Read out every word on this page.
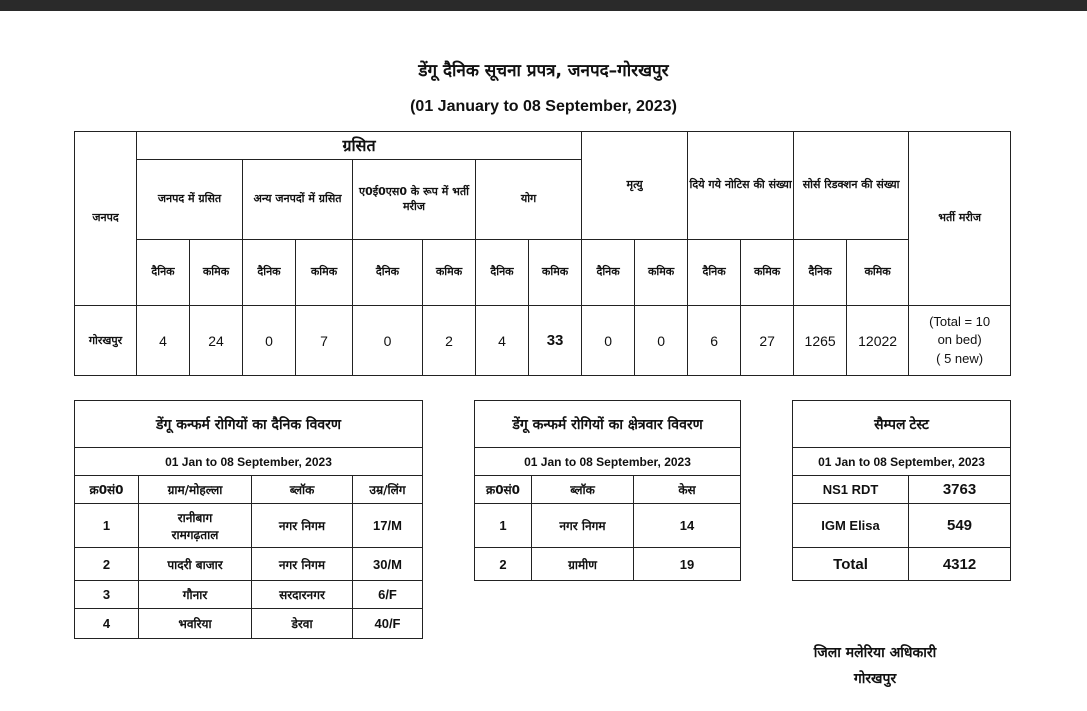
डेंगू दैनिक सूचना प्रपत्र, जनपद–गोरखपुर
(01 January to 08 September, 2023)
जनपद	ग्रसित								मृत्यु		दिये गये नोटिस की संख्या		सोर्स रिडक्शन की संख्या		भर्ती मरीज
	जनपद में ग्रसित		अन्य जनपदों में ग्रसित		ए0ई0एस0 के रूप में भर्ती मरीज		योग								
	दैनिक	कमिक	दैनिक	कमिक	दैनिक	कमिक	दैनिक	कमिक	दैनिक	कमिक	दैनिक	कमिक	दैनिक	कमिक	
गोरखपुर	4	24	0	7	0	2	4	33	0	0	6	27	1265	12022	(Total = 10
on bed)
( 5 new)
डेंगू कन्फर्म रोगियों का दैनिक विवरण			
01 Jan to 08 September, 2023			
क्र0सं0	ग्राम/मोहल्ला	ब्लॉक	उम्र/लिंग
1	रानीबाग
रामगढ़ताल	नगर निगम	17/M
2	पादरी बाजार	नगर निगम	30/M
3	गौनार	सरदारनगर	6/F
4	भवरिया	डेरवा	40/F
डेंगू कन्फर्म रोगियों का क्षेत्रवार विवरण		
01 Jan to 08 September, 2023		
क्र0सं0	ब्लॉक	केस
1	नगर निगम	14
2	ग्रामीण	19
सैम्पल टेस्ट	
01 Jan to 08 September, 2023	
NS1 RDT	3763
IGM Elisa	549
Total	4312
जिला मलेरिया अधिकारी
गोरखपुर
